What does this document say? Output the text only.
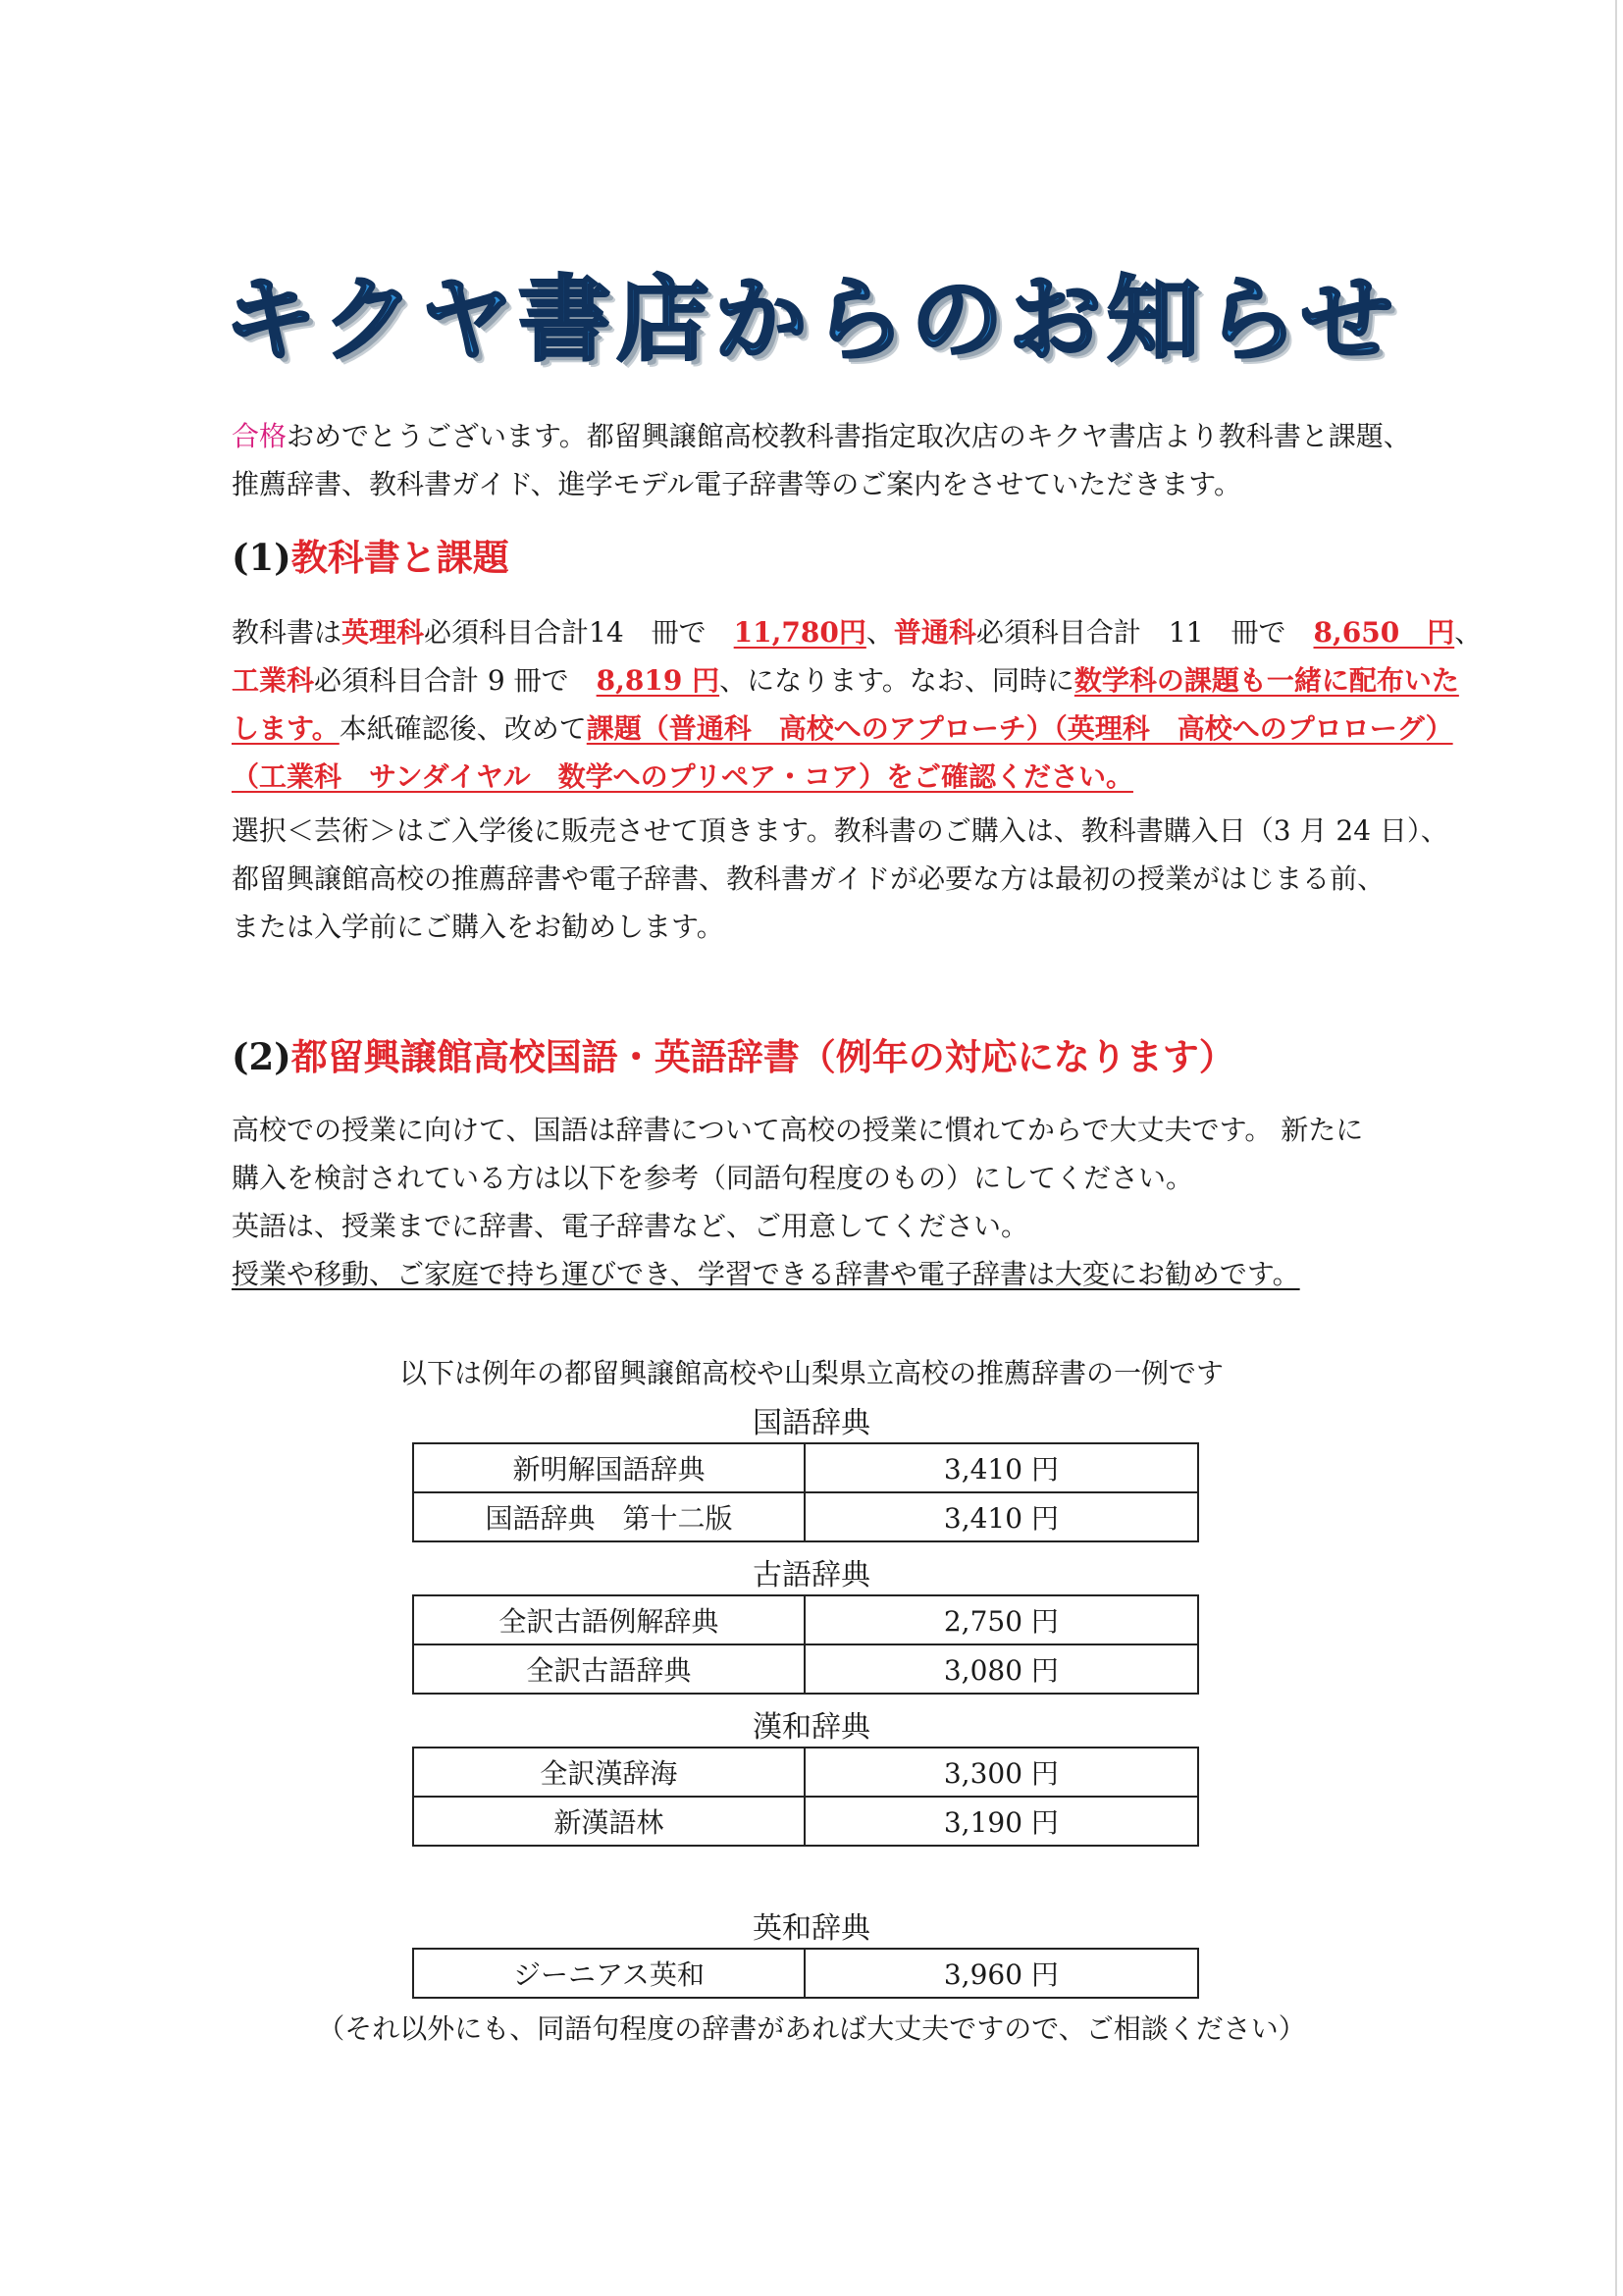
キクヤ書店からのお知らせ
合格おめでとうございます。都留興譲館高校教科書指定取次店のキクヤ書店より教科書と課題、
推薦辞書、教科書ガイド、進学モデル電子辞書等のご案内をさせていただきます。
(1)教科書と課題
教科書は英理科必須科目合計14　冊で　11,780円、普通科必須科目合計　11　冊で　8,650　円、
工業科必須科目合計 9 冊で　8,819 円、になります。なお、同時に数学科の課題も一緒に配布いた
します。本紙確認後、改めて課題（普通科　高校へのアプローチ）（英理科　高校へのプロローグ）
（工業科　サンダイヤル　数学へのプリペア・コア）をご確認ください。
選択＜芸術＞はご入学後に販売させて頂きます。教科書のご購入は、教科書購入日（3 月 24 日）、
都留興譲館高校の推薦辞書や電子辞書、教科書ガイドが必要な方は最初の授業がはじまる前、
または入学前にご購入をお勧めします。
(2)都留興譲館高校国語・英語辞書（例年の対応になります）
高校での授業に向けて、国語は辞書について高校の授業に慣れてからで大丈夫です。 新たに
購入を検討されている方は以下を参考（同語句程度のもの）にしてください。
英語は、授業までに辞書、電子辞書など、ご用意してください。
授業や移動、ご家庭で持ち運びでき、学習できる辞書や電子辞書は大変にお勧めです。
以下は例年の都留興譲館高校や山梨県立高校の推薦辞書の一例です
国語辞典
新明解国語辞典	3,410 円
国語辞典　第十二版	3,410 円
古語辞典
全訳古語例解辞典	2,750 円
全訳古語辞典	3,080 円
漢和辞典
全訳漢辞海	3,300 円
新漢語林	3,190 円
英和辞典
ジーニアス英和	3,960 円
（それ以外にも、同語句程度の辞書があれば大丈夫ですので、ご相談ください）
